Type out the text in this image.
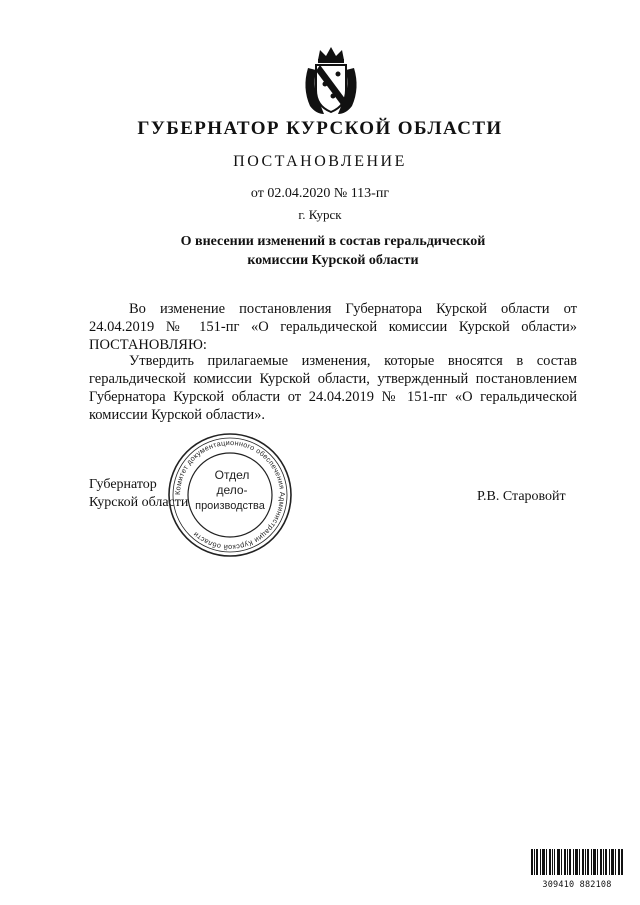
ГУБЕРНАТОР КУРСКОЙ ОБЛАСТИ
ПОСТАНОВЛЕНИЕ
от 02.04.2020 № 113-пг
г. Курск
О внесении изменений в состав геральдической
комиссии Курской области
Во изменение постановления Губернатора Курской области от
24.04.2019 № 151-пг «О геральдической комиссии Курской области»
ПОСТАНОВЛЯЮ:
Утвердить прилагаемые изменения, которые вносятся в состав геральдической комиссии Курской области, утвержденный постановлением Губернатора Курской области от 24.04.2019 № 151-пг «О геральдической комиссии Курской области».
Губернатор
Курской области	Р.В. Старовойт
Комитет документационного обеспечения Администрации Курской области
Отдел
дело-
производства
309410 882108
